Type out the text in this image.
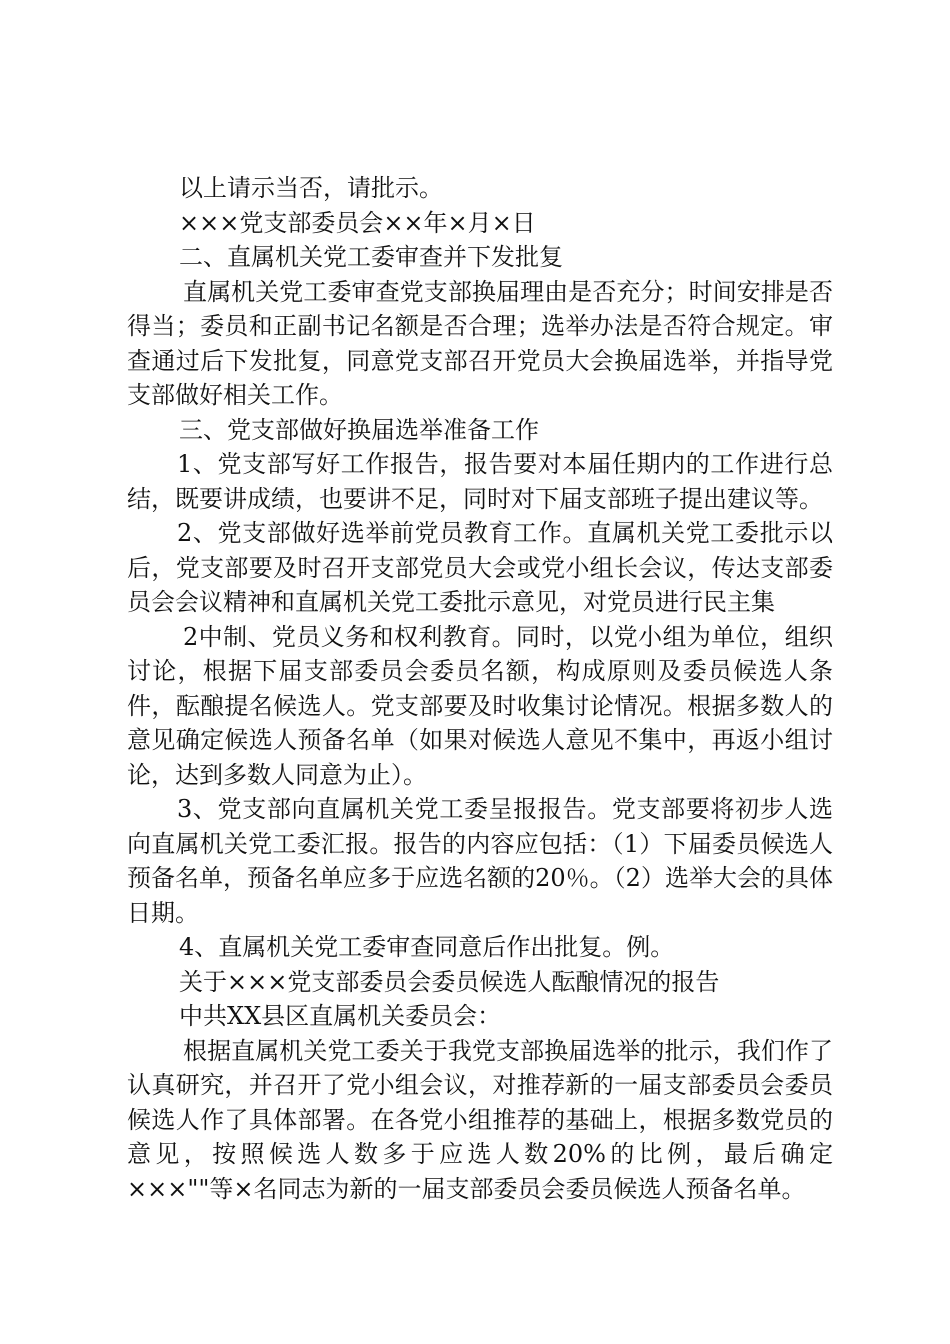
以上请示当否，请批示。

×××党支部委员会××年×月×日

二、直属机关党工委审查并下发批复

直属机关党工委审查党支部换届理由是否充分；时间安排是否得当；委员和正副书记名额是否合理；选举办法是否符合规定。审查通过后下发批复，同意党支部召开党员大会换届选举，并指导党支部做好相关工作。

三、党支部做好换届选举准备工作

1、党支部写好工作报告，报告要对本届任期内的工作进行总结，既要讲成绩，也要讲不足，同时对下届支部班子提出建议等。

2、党支部做好选举前党员教育工作。直属机关党工委批示以后，党支部要及时召开支部党员大会或党小组长会议，传达支部委员会会议精神和直属机关党工委批示意见，对党员进行民主集

2中制、党员义务和权利教育。同时，以党小组为单位，组织讨论，根据下届支部委员会委员名额，构成原则及委员候选人条件，酝酿提名候选人。党支部要及时收集讨论情况。根据多数人的意见确定候选人预备名单（如果对候选人意见不集中，再返小组讨论，达到多数人同意为止）。

3、党支部向直属机关党工委呈报报告。党支部要将初步人选向直属机关党工委汇报。报告的内容应包括：（1）下届委员候选人预备名单，预备名单应多于应选名额的20％。（2）选举大会的具体日期。

4、直属机关党工委审查同意后作出批复。例。

关于×××党支部委员会委员候选人酝酿情况的报告

中共XX县区直属机关委员会：

根据直属机关党工委关于我党支部换届选举的批示，我们作了认真研究，并召开了党小组会议，对推荐新的一届支部委员会委员候选人作了具体部署。在各党小组推荐的基础上，根据多数党员的意见，按照候选人数多于应选人数20%的比例，最后确定×××""等×名同志为新的一届支部委员会委员候选人预备名单。
